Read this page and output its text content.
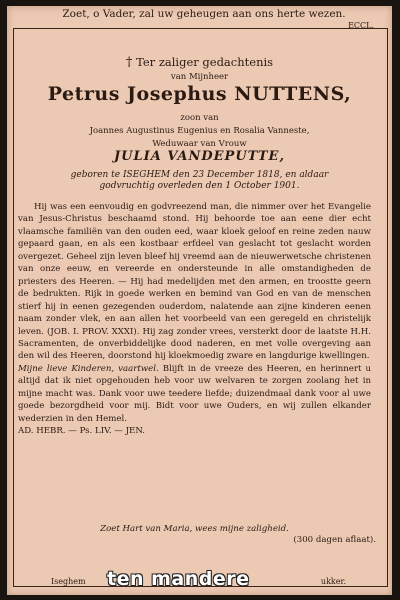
Zoet, o Vader, zal uw geheugen aan ons herte wezen.
ECCL.
† Ter zaliger gedachtenis
van Mijnheer
Petrus Josephus NUTTENS,
zoon van
Joannes Augustinus Eugenius en Rosalia Vanneste,
Weduwaar van Vrouw
JULIA VANDEPUTTE,
geboren te ISEGHEM den 23 December 1818, en aldaar
godvruchtig overleden den 1 October 1901.

Hij was een eenvoudig en godvreezend man, die nimmer over het Evangelie van Jesus-Christus beschaamd stond. Hij behoorde toe aan eene dier echt vlaamsche familiën van den ouden eed, waar kloek geloof en reine zeden nauw gepaard gaan, en als een kostbaar erfdeel van geslacht tot geslacht worden overgezet. Geheel zijn leven bleef hij vreemd aan de nieuwerwetsche christenen van onze eeuw, en vereerde en ondersteunde in alle omstandigheden de priesters des Heeren. — Hij had medelijden met den armen, en troostte geern de bedrukten. Rijk in goede werken en bemind van God en van de menschen stierf hij in eenen gezegenden ouderdom, nalatende aan zijne kinderen eenen naam zonder vlek, en aan allen het voorbeeld van een geregeld en christelijk leven. (JOB. I. PROV. XXXI). Hij zag zonder vrees, versterkt door de laatste H.H. Sacramenten, de onverbiddelijke dood naderen, en met volle overgeving aan den wil des Heeren, doorstond hij kloekmoedig zware en langdurige kwellingen.

Mijne lieve Kinderen, vaartwel. Blijft in de vreeze des Heeren, en herinnert u altijd dat ik niet opgehouden heb voor uw welvaren te zorgen zoolang het in mijne macht was. Dank voor uwe teedere liefde; duizendmaal dank voor al uwe goede bezorgdheid voor mij. Bidt voor uwe Ouders, en wij zullen elkander wederzien in den Hemel.

AD. HEBR. — Ps. LIV. — JEN.

Zoet Hart van Maria, wees mijne zaligheid.
(300 dagen aflaat).
Iseghem	ukker.
ten mandere
